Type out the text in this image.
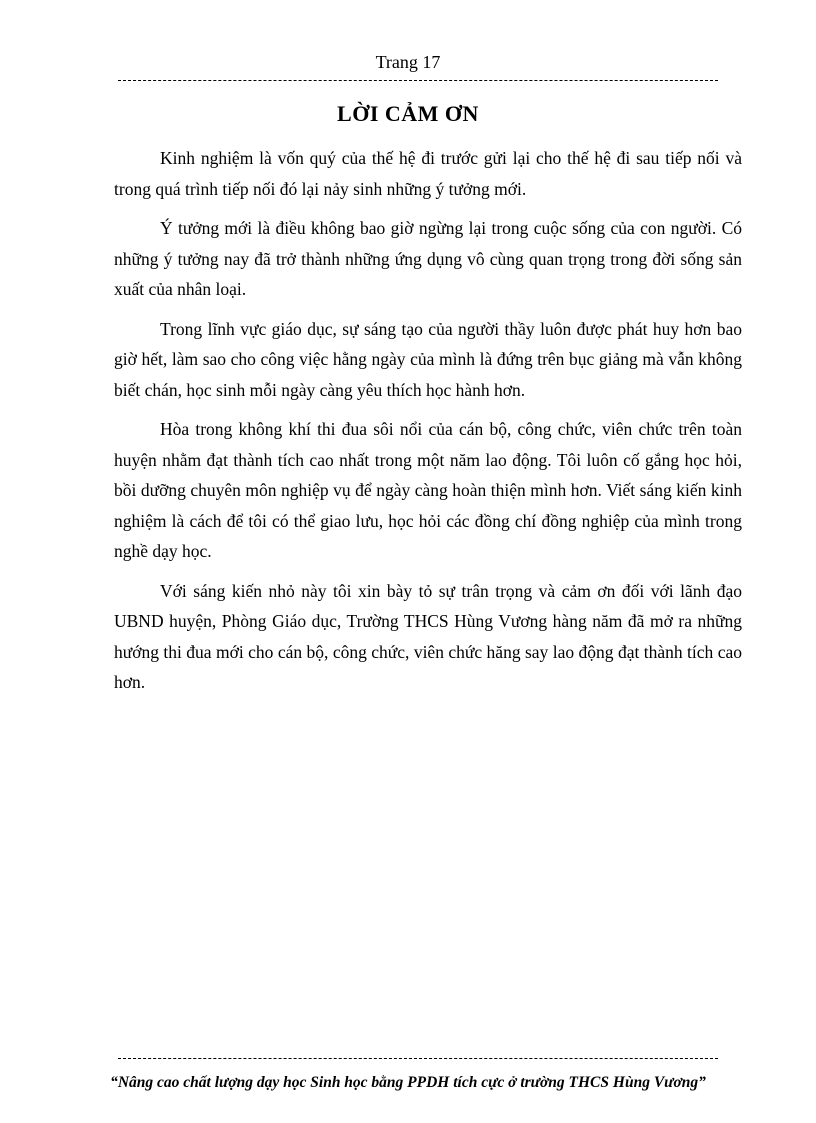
Trang 17
LỜI CẢM ƠN

Kinh nghiệm là vốn quý của thế hệ đi trước gửi lại cho thế hệ đi sau tiếp nối và trong quá trình tiếp nối đó lại nảy sinh những ý tưởng mới.

Ý tưởng mới là điều không bao giờ ngừng lại trong cuộc sống của con người. Có những ý tưởng nay đã trở thành những ứng dụng vô cùng quan trọng trong đời sống sản xuất của nhân loại.

Trong lĩnh vực giáo dục, sự sáng tạo của người thầy luôn được phát huy hơn bao giờ hết, làm sao cho công việc hằng ngày của mình là đứng trên bục giảng mà vẫn không biết chán, học sinh mỗi ngày càng yêu thích học hành hơn.

Hòa trong không khí thi đua sôi nổi của cán bộ, công chức, viên chức trên toàn huyện nhằm đạt thành tích cao nhất trong một năm lao động. Tôi luôn cố gắng học hỏi, bồi dưỡng chuyên môn nghiệp vụ để ngày càng hoàn thiện mình hơn. Viết sáng kiến kinh nghiệm là cách để tôi có thể giao lưu, học hỏi các đồng chí đồng nghiệp của mình trong nghề dạy học.

Với sáng kiến nhỏ này tôi xin bày tỏ sự trân trọng và cảm ơn đối với lãnh đạo UBND huyện, Phòng Giáo dục, Trường THCS Hùng Vương hàng năm đã mở ra những hướng thi đua mới cho cán bộ, công chức, viên chức hăng say lao động đạt thành tích cao hơn.

“Nâng cao chất lượng dạy học Sinh học bằng PPDH tích cực ở trường THCS Hùng Vương”
